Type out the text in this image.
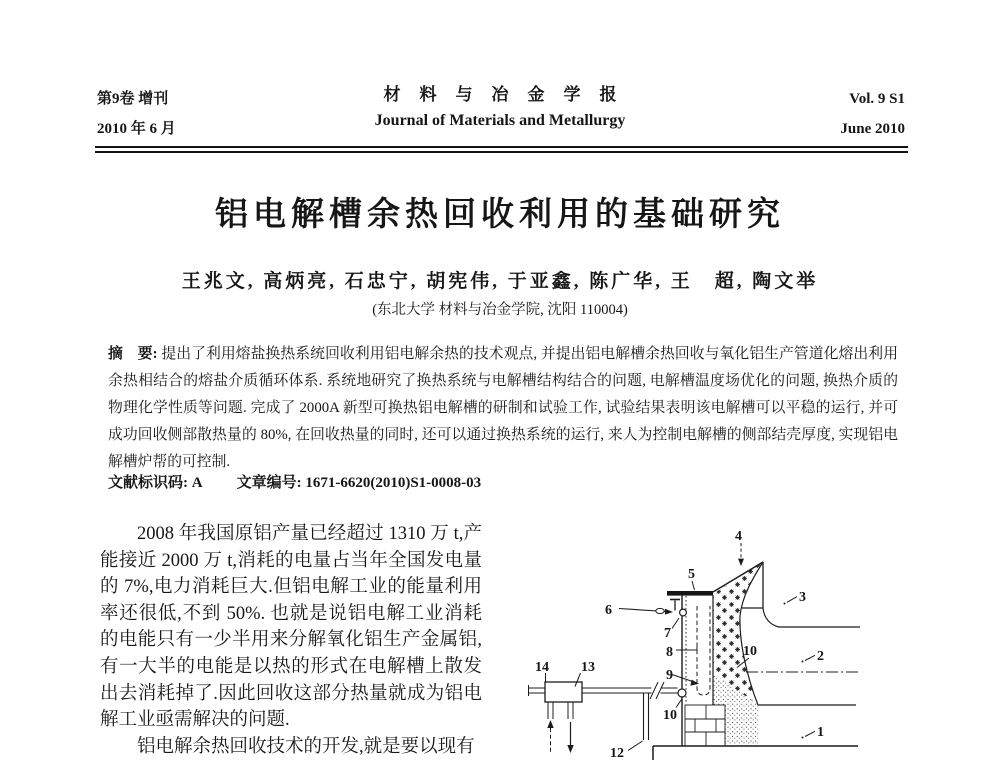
第9卷 增刊
2010 年 6 月
材料与冶金学报
Journal of Materials and Metallurgy
Vol. 9 S1
June 2010
铝电解槽余热回收利用的基础研究
王兆文, 高炳亮, 石忠宁, 胡宪伟, 于亚鑫, 陈广华, 王　超, 陶文举
(东北大学 材料与冶金学院, 沈阳 110004)
摘　要: 提出了利用熔盐换热系统回收利用铝电解余热的技术观点, 并提出铝电解槽余热回收与氧化铝生产管道化熔出利用余热相结合的熔盐介质循环体系. 系统地研究了换热系统与电解槽结构结合的问题, 电解槽温度场优化的问题, 换热介质的物理化学性质等问题. 完成了 2000A 新型可换热铝电解槽的研制和试验工作, 试验结果表明该电解槽可以平稳的运行, 并可成功回收侧部散热量的 80%, 在回收热量的同时, 还可以通过换热系统的运行, 来人为控制电解槽的侧部结壳厚度, 实现铝电解槽炉帮的可控制.
文献标识码: A 文章编号: 1671-6620(2010)S1-0008-03

2008 年我国原铝产量已经超过 1310 万 t,产能接近 2000 万 t,消耗的电量占当年全国发电量的 7%,电力消耗巨大.但铝电解工业的能量利用率还很低,不到 50%. 也就是说铝电解工业消耗的电能只有一少半用来分解氧化铝生产金属铝,有一大半的电能是以热的形式在电解槽上散发出去消耗掉了.因此回收这部分热量就成为铝电解工业亟需解决的问题.

铝电解余热回收技术的开发,就是要以现有

1
2
3
4
5
6
7
8
9
10
10
12
13
14
